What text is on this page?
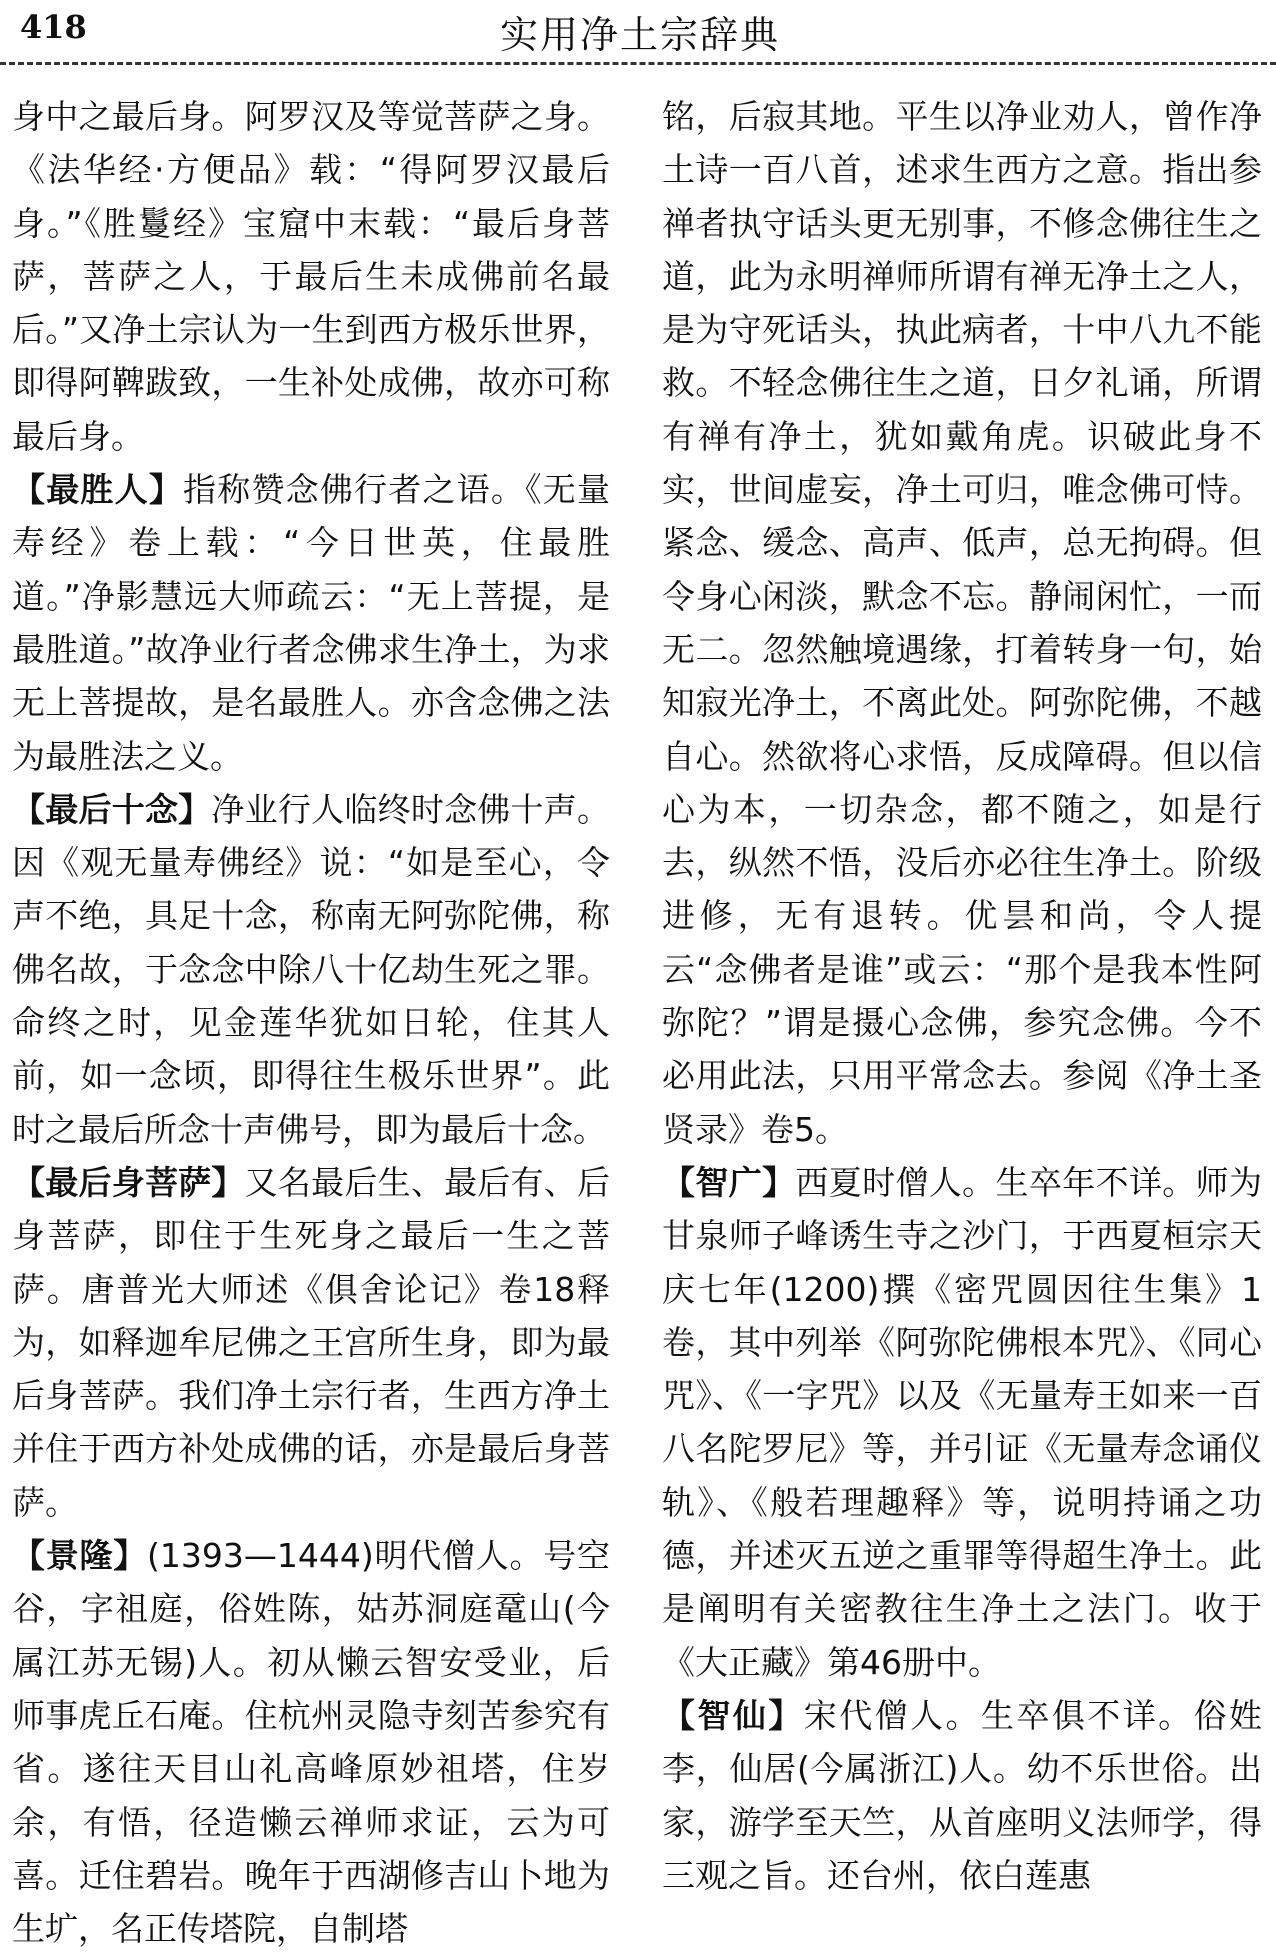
418	实用净土宗辞典

身中之最后身。阿罗汉及等觉菩萨之身。《法华经·方便品》载：“得阿罗汉最后身。”《胜鬘经》宝窟中末载：“最后身菩萨，菩萨之人，于最后生未成佛前名最后。”又净土宗认为一生到西方极乐世界，即得阿鞞跋致，一生补处成佛，故亦可称最后身。

【最胜人】指称赞念佛行者之语。《无量寿经》卷上载：“今日世英，住最胜道。”净影慧远大师疏云：“无上菩提，是最胜道。”故净业行者念佛求生净土，为求无上菩提故，是名最胜人。亦含念佛之法为最胜法之义。

【最后十念】净业行人临终时念佛十声。因《观无量寿佛经》说：“如是至心，令声不绝，具足十念，称南无阿弥陀佛，称佛名故，于念念中除八十亿劫生死之罪。命终之时，见金莲华犹如日轮，住其人前，如一念顷，即得往生极乐世界”。此时之最后所念十声佛号，即为最后十念。

【最后身菩萨】又名最后生、最后有、后身菩萨，即住于生死身之最后一生之菩萨。唐普光大师述《俱舍论记》卷18释为，如释迦牟尼佛之王宫所生身，即为最后身菩萨。我们净土宗行者，生西方净土并住于西方补处成佛的话，亦是最后身菩萨。

【景隆】(1393—1444)明代僧人。号空谷，字祖庭，俗姓陈，姑苏洞庭鼋山(今属江苏无锡)人。初从懒云智安受业，后师事虎丘石庵。住杭州灵隐寺刻苦参究有省。遂往天目山礼高峰原妙祖塔，住岁余，有悟，径造懒云禅师求证，云为可喜。迁住碧岩。晚年于西湖修吉山卜地为生圹，名正传塔院，自制塔

铭，后寂其地。平生以净业劝人，曾作净土诗一百八首，述求生西方之意。指出参禅者执守话头更无别事，不修念佛往生之道，此为永明禅师所谓有禅无净土之人，是为守死话头，执此病者，十中八九不能救。不轻念佛往生之道，日夕礼诵，所谓有禅有净土，犹如戴角虎。识破此身不实，世间虚妄，净土可归，唯念佛可恃。紧念、缓念、高声、低声，总无拘碍。但令身心闲淡，默念不忘。静闹闲忙，一而无二。忽然触境遇缘，打着转身一句，始知寂光净土，不离此处。阿弥陀佛，不越自心。然欲将心求悟，反成障碍。但以信心为本，一切杂念，都不随之，如是行去，纵然不悟，没后亦必往生净土。阶级进修，无有退转。优昙和尚，令人提云“念佛者是谁”或云：“那个是我本性阿弥陀？”谓是摄心念佛，参究念佛。今不必用此法，只用平常念去。参阅《净土圣贤录》卷5。

【智广】西夏时僧人。生卒年不详。师为甘泉师子峰诱生寺之沙门，于西夏桓宗天庆七年(1200)撰《密咒圆因往生集》1卷，其中列举《阿弥陀佛根本咒》、《同心咒》、《一字咒》以及《无量寿王如来一百八名陀罗尼》等，并引证《无量寿念诵仪轨》、《般若理趣释》等，说明持诵之功德，并述灭五逆之重罪等得超生净土。此是阐明有关密教往生净土之法门。收于《大正藏》第46册中。

【智仙】宋代僧人。生卒俱不详。俗姓李，仙居(今属浙江)人。幼不乐世俗。出家，游学至天竺，从首座明义法师学，得三观之旨。还台州，依白莲惠
